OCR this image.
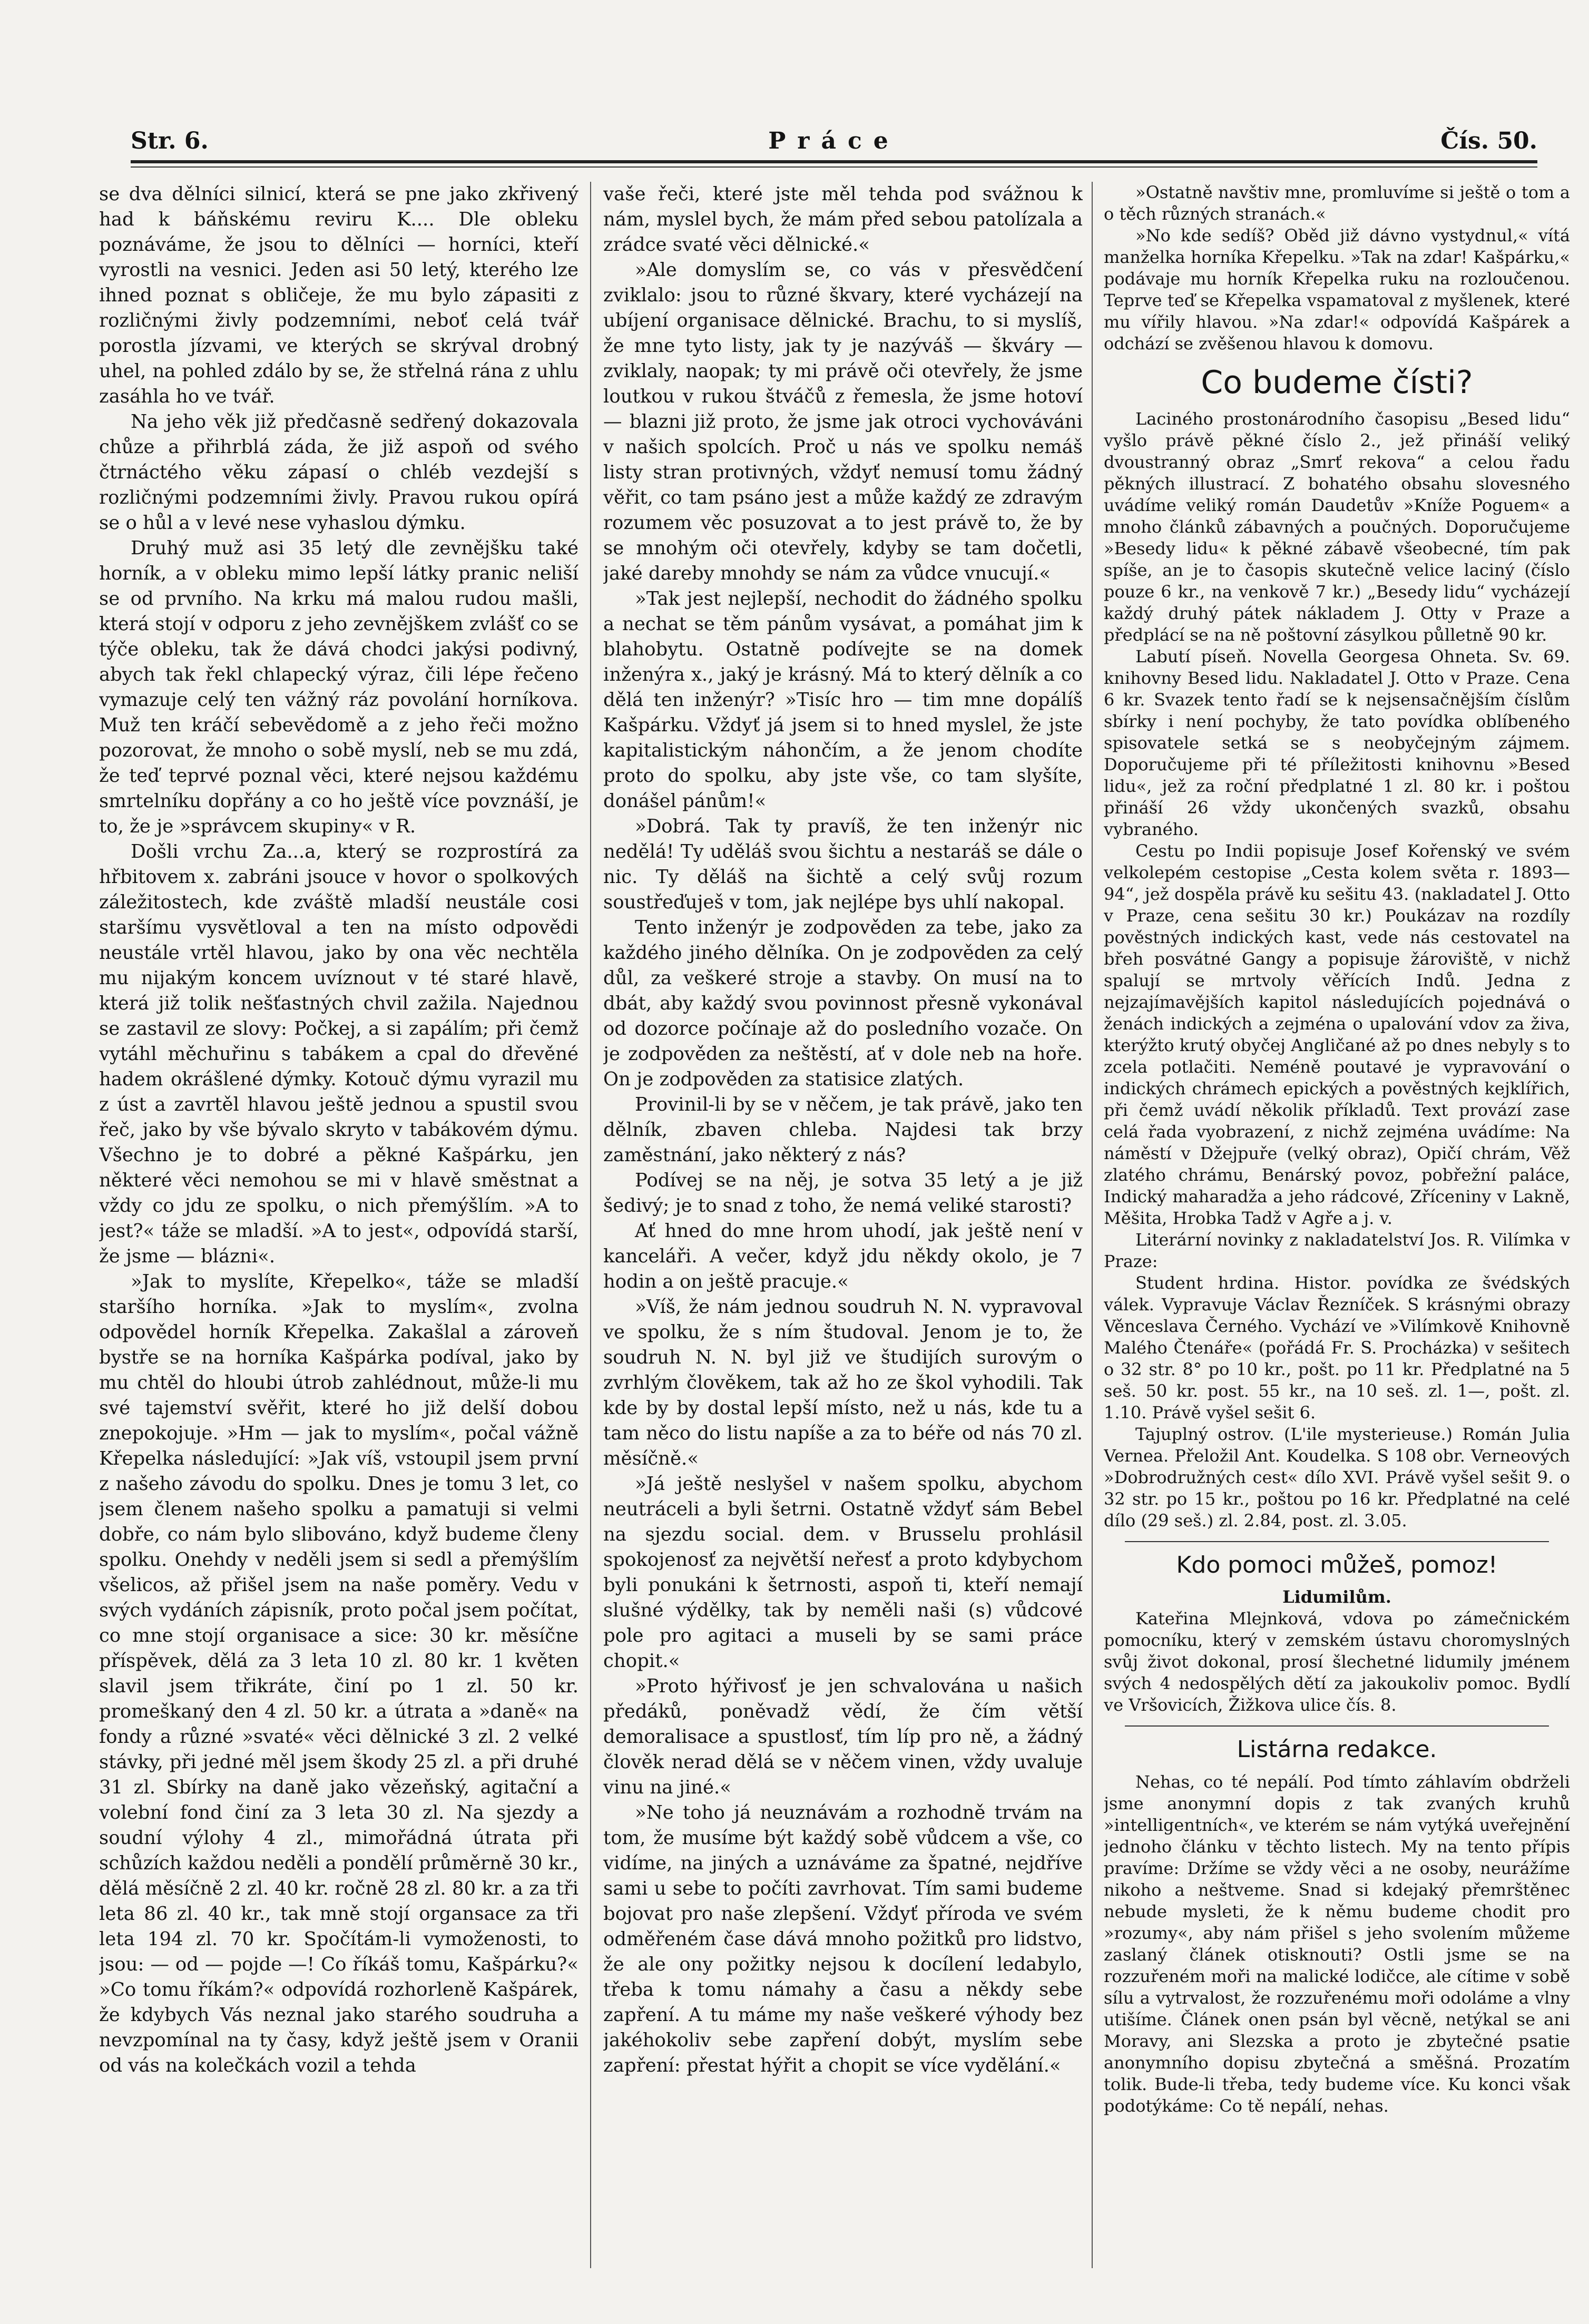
Str. 6.	Práce	Čís. 50.

se dva dělníci silnicí, která se pne jako zkřivený had k báňskému reviru K.... Dle obleku poznáváme, že jsou to dělníci — horníci, kteří vyrostli na vesnici. Jeden asi 50 letý, kterého lze ihned poznat s obličeje, že mu bylo zápasiti z rozličnými živly podzemními, neboť celá tvář porostla jízvami, ve kterých se skrýval drobný uhel, na pohled zdálo by se, že střelná rána z uhlu zasáhla ho ve tvář.

Na jeho věk již předčasně sedřený dokazovala chůze a přihrblá záda, že již aspoň od svého čtrnáctého věku zápasí o chléb vezdejší s rozličnými podzemními živly. Pravou rukou opírá se o hůl a v levé nese vyhaslou dýmku.

Druhý muž asi 35 letý dle zevnějšku také horník, a v obleku mimo lepší látky pranic neliší se od prvního. Na krku má malou rudou mašli, která stojí v odporu z jeho zevnějškem zvlášť co se týče obleku, tak že dává chodci jakýsi podivný, abych tak řekl chlapecký výraz, čili lépe řečeno vymazuje celý ten vážný ráz povolání horníkova. Muž ten kráčí sebevědomě a z jeho řeči možno pozorovat, že mnoho o sobě myslí, neb se mu zdá, že teď teprvé poznal věci, které nejsou každému smrtelníku dopřány a co ho ještě více povznáší, je to, že je »správcem skupiny« v R.

Došli vrchu Za...a, který se rozprostírá za hřbitovem x. zabráni jsouce v hovor o spolkových záležitostech, kde zváště mladší neustále cosi staršímu vysvětloval a ten na místo odpovědi neustále vrtěl hlavou, jako by ona věc nechtěla mu nijakým koncem uvíznout v té staré hlavě, která již tolik nešťastných chvil zažila. Najednou se zastavil ze slovy: Počkej, a si zapálím; při čemž vytáhl měchuřinu s tabákem a cpal do dřevěné hadem okrášlené dýmky. Kotouč dýmu vyrazil mu z úst a zavrtěl hlavou ještě jednou a spustil svou řeč, jako by vše bývalo skryto v tabákovém dýmu. Všechno je to dobré a pěkné Kašpárku, jen některé věci nemohou se mi v hlavě směstnat a vždy co jdu ze spolku, o nich přemýšlím. »A to jest?« táže se mladší. »A to jest«, odpovídá starší, že jsme — blázni«.

»Jak to myslíte, Křepelko«, táže se mladší staršího horníka. »Jak to myslím«, zvolna odpovědel horník Křepelka. Zakašlal a zároveň bystře se na horníka Kašpárka podíval, jako by mu chtěl do hloubi útrob zahlédnout, může-li mu své tajemství svěřit, které ho již delší dobou znepokojuje. »Hm — jak to myslím«, počal vážně Křepelka následující: »Jak víš, vstoupil jsem první z našeho závodu do spolku. Dnes je tomu 3 let, co jsem členem našeho spolku a pamatuji si velmi dobře, co nám bylo slibováno, když budeme členy spolku. Onehdy v neděli jsem si sedl a přemýšlím všelicos, až přišel jsem na naše poměry. Vedu v svých vydáních zápisník, proto počal jsem počítat, co mne stojí organisace a sice: 30 kr. měsíčne příspěvek, dělá za 3 leta 10 zl. 80 kr. 1 květen slavil jsem třikráte, činí po 1 zl. 50 kr. promeškaný den 4 zl. 50 kr. a útrata a »daně« na fondy a různé »svaté« věci dělnické 3 zl. 2 velké stávky, při jedné měl jsem škody 25 zl. a při druhé 31 zl. Sbírky na daně jako vězeňský, agitační a volební fond činí za 3 leta 30 zl. Na sjezdy a soudní výlohy 4 zl., mimořádná útrata při schůzích každou neděli a pondělí průměrně 30 kr., dělá měsíčně 2 zl. 40 kr. ročně 28 zl. 80 kr. a za tři leta 86 zl. 40 kr., tak mně stojí organsace za tři leta 194 zl. 70 kr. Spočítám-li vymoženosti, to jsou: — od — pojde —! Co říkáš tomu, Kašpárku?« »Co tomu říkám?« odpovídá rozhorleně Kašpárek, že kdybych Vás neznal jako starého soudruha a nevzpomínal na ty časy, když ještě jsem v Oranii od vás na kolečkách vozil a tehda

vaše řeči, které jste měl tehda pod svážnou k nám, myslel bych, že mám před sebou patolízala a zrádce svaté věci dělnické.«

»Ale domyslím se, co vás v přesvědčení zviklalo: jsou to různé škvary, které vycházejí na ubíjení organisace dělnické. Brachu, to si myslíš, že mne tyto listy, jak ty je nazýváš — škváry — zviklaly, naopak; ty mi právě oči otevřely, že jsme loutkou v rukou štváčů z řemesla, že jsme hotoví — blazni již proto, že jsme jak otroci vychováváni v našich spolcích. Proč u nás ve spolku nemáš listy stran protivných, vždyť nemusí tomu žádný věřit, co tam psáno jest a může každý ze zdravým rozumem věc posuzovat a to jest právě to, že by se mnohým oči otevřely, kdyby se tam dočetli, jaké dareby mnohdy se nám za vůdce vnucují.«

»Tak jest nejlepší, nechodit do žádného spolku a nechat se těm pánům vysávat, a pomáhat jim k blahobytu. Ostatně podívejte se na domek inženýra x., jaký je krásný. Má to který dělník a co dělá ten inženýr? »Tisíc hro — tim mne dopálíš Kašpárku. Vždyť já jsem si to hned myslel, že jste kapitalistickým náhončím, a že jenom chodíte proto do spolku, aby jste vše, co tam slyšíte, donášel pánům!«

»Dobrá. Tak ty pravíš, že ten inženýr nic nedělá! Ty uděláš svou šichtu a nestaráš se dále o nic. Ty děláš na šichtě a celý svůj rozum soustřeďuješ v tom, jak nejlépe bys uhlí nakopal.

Tento inženýr je zodpověden za tebe, jako za každého jiného dělníka. On je zodpověden za celý důl, za veškeré stroje a stavby. On musí na to dbát, aby každý svou povinnost přesně vykonával od dozorce počínaje až do posledního vozače. On je zodpověden za neštěstí, ať v dole neb na hoře. On je zodpověden za statisice zlatých.

Provinil-li by se v něčem, je tak právě, jako ten dělník, zbaven chleba. Najdesi tak brzy zaměstnání, jako některý z nás?

Podívej se na něj, je sotva 35 letý a je již šedivý; je to snad z toho, že nemá veliké starosti?

Ať hned do mne hrom uhodí, jak ještě není v kanceláři. A večer, když jdu někdy okolo, je 7 hodin a on ještě pracuje.«

»Víš, že nám jednou soudruh N. N. vypravoval ve spolku, že s ním študoval. Jenom je to, že soudruh N. N. byl již ve študijích surovým o zvrhlým člověkem, tak až ho ze škol vyhodili. Tak kde by by dostal lepší místo, než u nás, kde tu a tam něco do listu napíše a za to béře od nás 70 zl. měsíčně.«

»Já ještě neslyšel v našem spolku, abychom neutráceli a byli šetrni. Ostatně vždyť sám Bebel na sjezdu social. dem. v Brusselu prohlásil spokojenosť za největší neřesť a proto kdybychom byli ponukáni k šetrnosti, aspoň ti, kteří nemají slušné výdělky, tak by neměli naši (s) vůdcové pole pro agitaci a museli by se sami práce chopit.«

»Proto hýřivosť je jen schvalována u našich předáků, poněvadž vědí, že čím větší demoralisace a spustlosť, tím líp pro ně, a žádný člověk nerad dělá se v něčem vinen, vždy uvaluje vinu na jiné.«

»Ne toho já neuznávám a rozhodně trvám na tom, že musíme být každý sobě vůdcem a vše, co vidíme, na jiných a uznáváme za špatné, nejdříve sami u sebe to počíti zavrhovat. Tím sami budeme bojovat pro naše zlepšení. Vždyť příroda ve svém odměřeném čase dává mnoho požitků pro lidstvo, že ale ony požitky nejsou k docílení ledabylo, třeba k tomu námahy a času a někdy sebe zapření. A tu máme my naše veškeré výhody bez jakéhokoliv sebe zapření dobýt, myslím sebe zapření: přestat hýřit a chopit se více vydělání.«

»Ostatně navštiv mne, promluvíme si ještě o tom a o těch různých stranách.«

»No kde sedíš? Oběd již dávno vystydnul,« vítá manželka horníka Křepelku. »Tak na zdar! Kašpárku,« podávaje mu horník Křepelka ruku na rozloučenou. Teprve teď se Křepelka vspamatoval z myšlenek, které mu vířily hlavou. »Na zdar!« odpovídá Kašpárek a odchází se zvěšenou hlavou k domovu.

Co budeme čísti?

Laciného prostonárodního časopisu „Besed lidu“ vyšlo právě pěkné číslo 2., jež přináší veliký dvoustranný obraz „Smrť rekova“ a celou řadu pěkných illustrací. Z bohatého obsahu slovesného uvádíme veliký román Daudetův »Kníže Poguem« a mnoho článků zábavných a poučných. Doporučujeme »Besedy lidu« k pěkné zábavě všeobecné, tím pak spíše, an je to časopis skutečně velice laciný (číslo pouze 6 kr., na venkově 7 kr.) „Besedy lidu“ vycházejí každý druhý pátek nákladem J. Otty v Praze a předplácí se na ně poštovní zásylkou půlletně 90 kr.

Labutí píseň. Novella Georgesa Ohneta. Sv. 69. knihovny Besed lidu. Nakladatel J. Otto v Praze. Cena 6 kr. Svazek tento řadí se k nejsensačnějším číslům sbírky i není pochyby, že tato povídka oblíbeného spisovatele setká se s neobyčejným zájmem. Doporučujeme při té příležitosti knihovnu »Besed lidu«, jež za roční předplatné 1 zl. 80 kr. i poštou přináší 26 vždy ukončených svazků, obsahu vybraného.

Cestu po Indii popisuje Josef Kořenský ve svém velkolepém cestopise „Cesta kolem světa r. 1893—94“, jež dospěla právě ku sešitu 43. (nakladatel J. Otto v Praze, cena sešitu 30 kr.) Poukázav na rozdíly pověstných indických kast, vede nás cestovatel na břeh posvátné Gangy a popisuje žároviště, v nichž spalují se mrtvoly věřících Indů. Jedna z nejzajímavějších kapitol následujících pojednává o ženách indických a zejména o upalování vdov za živa, kterýžto krutý obyčej Angličané až po dnes nebyly s to zcela potlačiti. Neméně poutavé je vypravování o indických chrámech epických a pověstných kejklířich, při čemž uvádí několik příkladů. Text provází zase celá řada vyobrazení, z nichž zejména uvádíme: Na náměstí v Džejpuře (velký obraz), Opičí chrám, Věž zlatého chrámu, Benárský povoz, pobřežní paláce, Indický maharadža a jeho rádcové, Zříceniny v Lakně, Měšita, Hrobka Tadž v Agře a j. v.

Literární novinky z nakladatelství Jos. R. Vilímka v Praze:

Student hrdina. Histor. povídka ze švédských válek. Vypravuje Václav Řezníček. S krásnými obrazy Věnceslava Černého. Vychází ve »Vilímkově Knihovně Malého Čtenáře« (pořádá Fr. S. Procházka) v sešitech o 32 str. 8° po 10 kr., pošt. po 11 kr. Předplatné na 5 seš. 50 kr. post. 55 kr., na 10 seš. zl. 1—, pošt. zl. 1.10. Právě vyšel sešit 6.

Tajuplný ostrov. (L'ile mysterieuse.) Román Julia Vernea. Přeložil Ant. Koudelka. S 108 obr. Verneových »Dobrodružných cest« dílo XVI. Právě vyšel sešit 9. o 32 str. po 15 kr., poštou po 16 kr. Předplatné na celé dílo (29 seš.) zl. 2.84, post. zl. 3.05.

Kdo pomoci můžeš, pomoz!

Lidumilům.

Kateřina Mlejnková, vdova po zámečnickém pomocníku, který v zemském ústavu choromyslných svůj život dokonal, prosí šlechetné lidumily jménem svých 4 nedospělých dětí za jakoukoliv pomoc. Bydlí ve Vršovicích, Žižkova ulice čís. 8.

Listárna redakce.

Nehas, co té nepálí. Pod tímto záhlavím obdrželi jsme anonymní dopis z tak zvaných kruhů »intelligentních«, ve kterém se nám vytýká uveřejnění jednoho článku v těchto listech. My na tento přípis pravíme: Držíme se vždy věci a ne osoby, neurážíme nikoho a neštveme. Snad si kdejaký přemrštěnec nebude mysleti, že k němu budeme chodit pro »rozumy«, aby nám přišel s jeho svolením můžeme zaslaný článek otisknouti? Ostli jsme se na rozzuřeném moři na malické lodičce, ale cítime v sobě sílu a vytrvalost, že rozzuřenému moři odoláme a vlny utišíme. Článek onen psán byl věcně, netýkal se ani Moravy, ani Slezska a proto je zbytečné psatie anonymního dopisu zbytečná a směšná. Prozatím tolik. Bude-li třeba, tedy budeme více. Ku konci však podotýkáme: Co tě nepálí, nehas.
